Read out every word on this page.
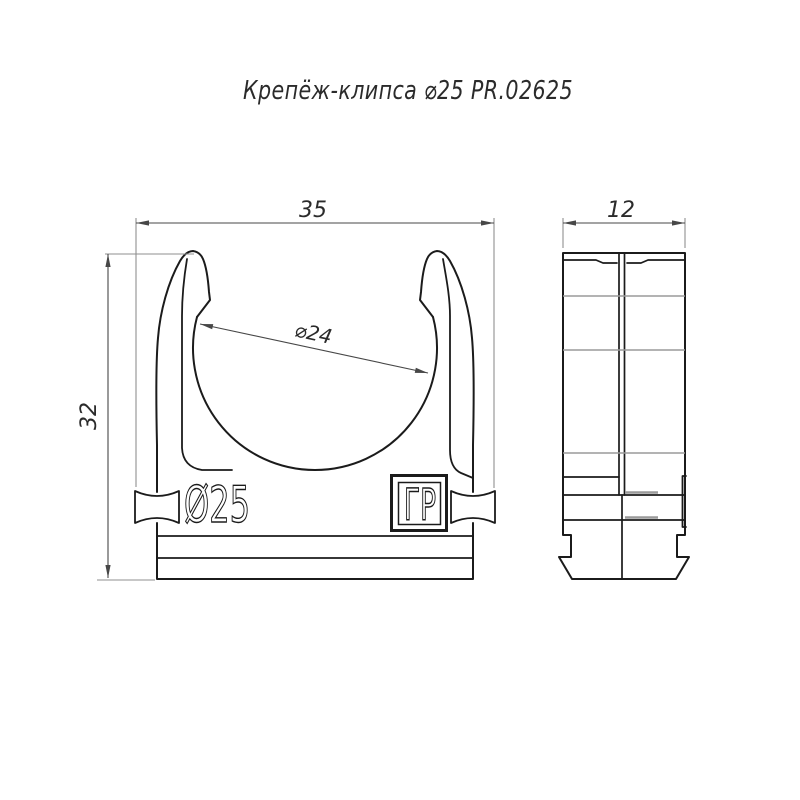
Крепёж-клипса ⌀25 PR.02625
Ø25	ГР
35	12
32
⌀24
